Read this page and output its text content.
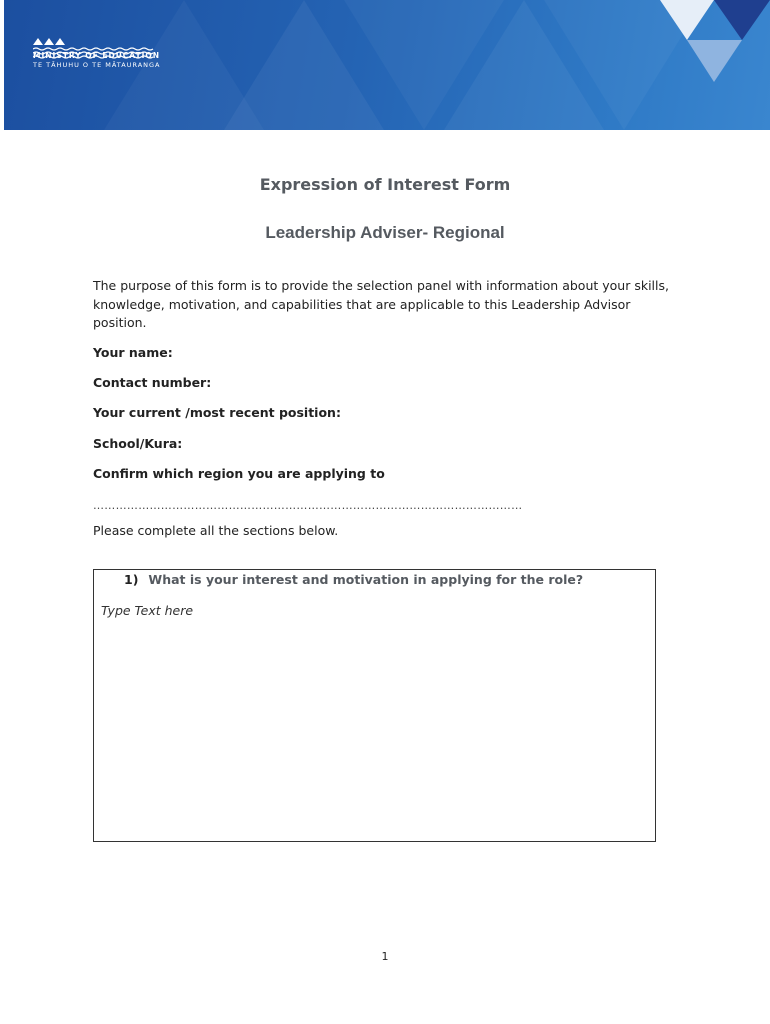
MINISTRY OF EDUCATION
TE TĀHUHU O TE MĀTAURANGA
Expression of Interest Form
Leadership Adviser- Regional
The purpose of this form is to provide the selection panel with information about your skills, knowledge, motivation, and capabilities that are applicable to this Leadership Advisor position.
Your name:
Contact number:
Your current /most recent position:
School/Kura:
Confirm which region you are applying to
……………………………………………………………………………………………………
Please complete all the sections below.
1) What is your interest and motivation in applying for the role?
Type Text here
1
